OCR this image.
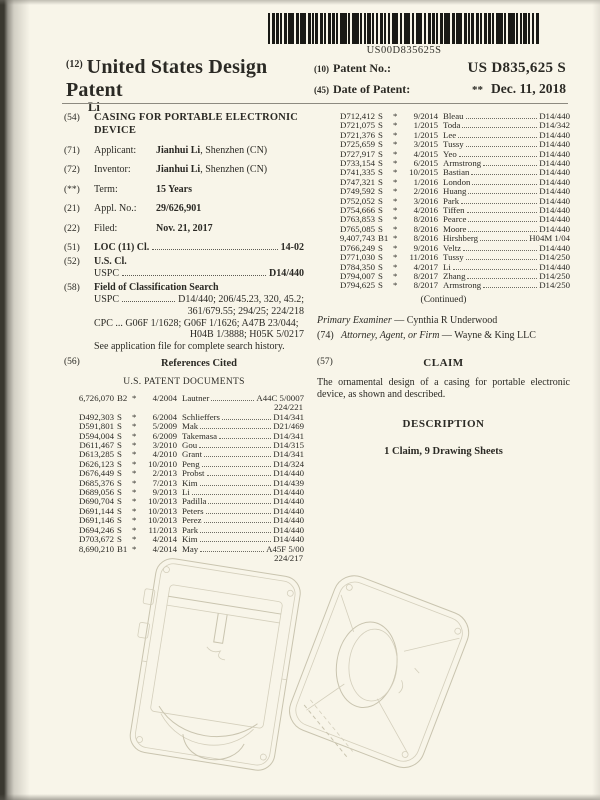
US00D835625S
$^{(12)}$ United States Design Patent
Li
(10) Patent No.:	US D835,625 S
(45) Date of Patent:	** Dec. 11, 2018
(54)	CASING FOR PORTABLE ELECTRONIC DEVICE
(71)	Applicant: Jianhui Li, Shenzhen (CN)
(72)	Inventor:	Jianhui Li, Shenzhen (CN)
(**)	Term:	15 Years
(21)	Appl. No.: 29/626,901
(22)	Filed:	Nov. 21, 2017
(51)	LOC (11) Cl.	14-02
(52)	U.S. Cl.
USPC	D14/440
(58)	Field of Classification Search
USPC	D14/440; 206/45.23, 320, 45.2;
361/679.55; 294/25; 224/218
CPC ... G06F 1/1628; G06F 1/1626; A47B 23/044;
H04B 1/3888; H05K 5/0217
See application file for complete search history.
(56)	References Cited
U.S. PATENT DOCUMENTS
6,726,070 B2 *	4/2004 Lautner	A44C 5/0007
224/221
D492,303 S	*	6/2004 Schlieffers	D14/341
D591,801 S	*	5/2009 Mak	D21/469
D594,004 S	*	6/2009 Takemasa	D14/341
D611,467 S	*	3/2010 Gou	D14/315
D613,285 S	*	4/2010 Grant	D14/341
D626,123 S	*	10/2010 Peng	D14/324
D676,449 S	*	2/2013 Probst	D14/440
D685,376 S	*	7/2013 Kim	D14/439
D689,056 S	*	9/2013 Li	D14/440
D690,704 S	*	10/2013 Padilla	D14/440
D691,144 S	*	10/2013 Peters	D14/440
D691,146 S	*	10/2013 Perez	D14/440
D694,246 S	*	11/2013 Park	D14/440
D703,672 S	*	4/2014 Kim	D14/440
8,690,210 B1 *	4/2014 May	A45F 5/00
224/217
D712,412 S	*	9/2014 Bleau	D14/440
D721,075 S	*	1/2015 Toda	D14/342
D721,376 S	*	1/2015 Lee	D14/440
D725,659 S	*	3/2015 Tussy	D14/440
D727,917 S	*	4/2015 Yeo	D14/440
D733,154 S	*	6/2015 Armstrong	D14/440
D741,335 S	*	10/2015 Bastian	D14/440
D747,321 S	*	1/2016 London	D14/440
D749,592 S	*	2/2016 Huang	D14/440
D752,052 S	*	3/2016 Park	D14/440
D754,666 S	*	4/2016 Tiffen	D14/440
D763,853 S	*	8/2016 Pearce	D14/440
D765,085 S	*	8/2016 Moore	D14/440
9,407,743 B1 *	8/2016 Hirshberg	H04M 1/04
D766,249 S	*	9/2016 Veltz	D14/440
D771,030 S	*	11/2016 Tussy	D14/250
D784,350 S	*	4/2017 Li	D14/440
D794,007 S	*	8/2017 Zhang	D14/250
D794,625 S	*	8/2017 Armstrong	D14/250
(Continued)
Primary Examiner — Cynthia R Underwood
(74) Attorney, Agent, or Firm — Wayne & King LLC
(57)	CLAIM
The ornamental design of a casing for portable electronic device, as shown and described.
DESCRIPTION

1 Claim, 9 Drawing Sheets
